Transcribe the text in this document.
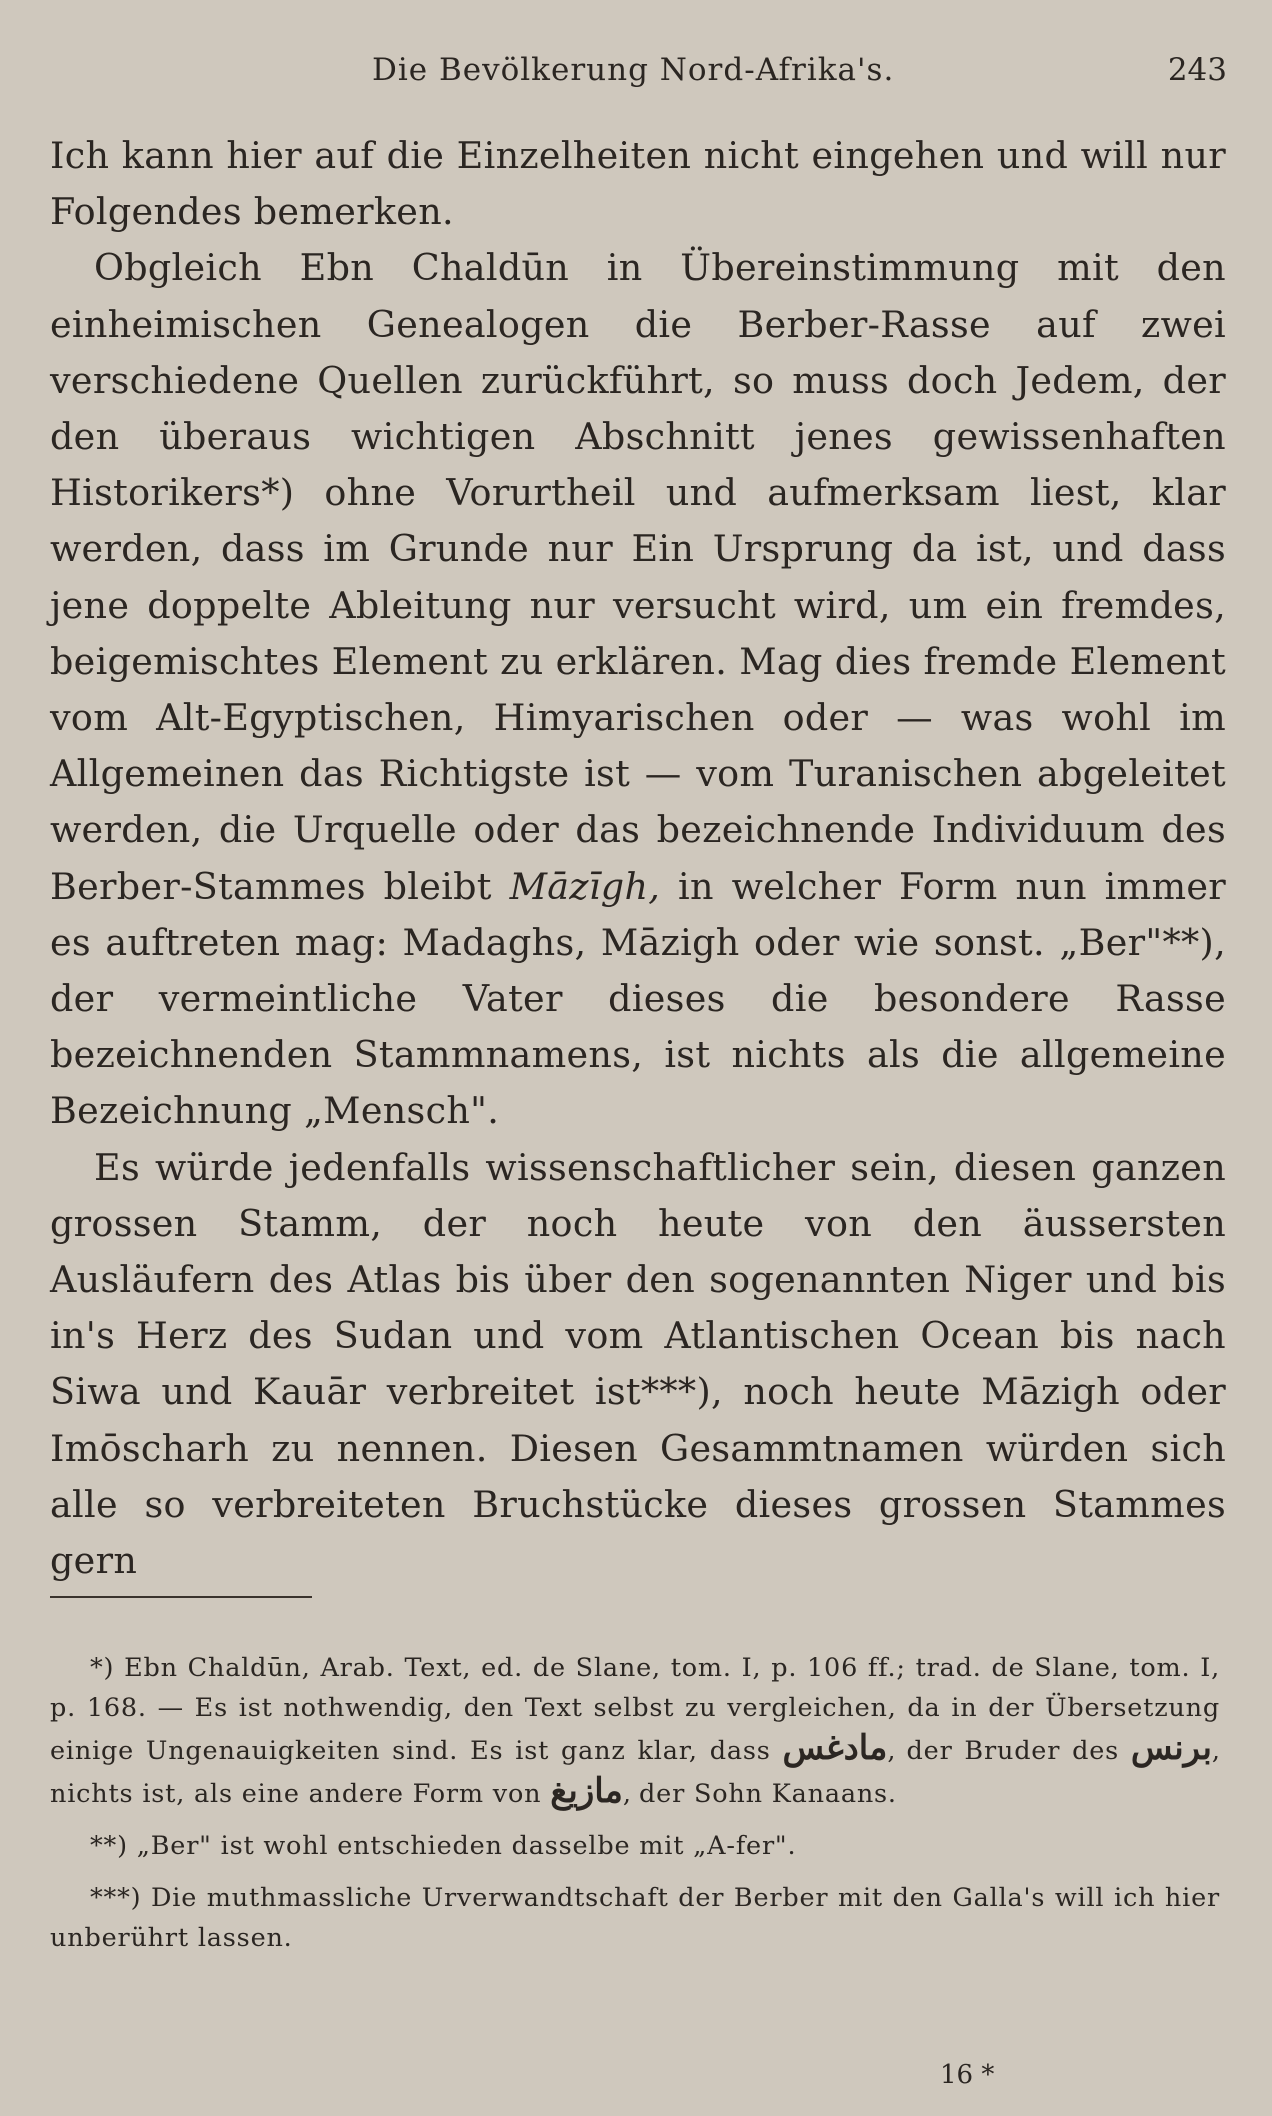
Die Bevölkerung Nord-Afrika's.	243

Ich kann hier auf die Einzelheiten nicht eingehen und will nur Folgendes bemerken.

Obgleich Ebn Chaldūn in Übereinstimmung mit den einheimischen Genealogen die Berber-Rasse auf zwei verschiedene Quellen zurückführt, so muss doch Jedem, der den überaus wichtigen Abschnitt jenes gewissenhaften Historikers*) ohne Vorurtheil und aufmerksam liest, klar werden, dass im Grunde nur Ein Ursprung da ist, und dass jene doppelte Ableitung nur versucht wird, um ein fremdes, beigemischtes Element zu erklären. Mag dies fremde Element vom Alt-Egyptischen, Himyarischen oder — was wohl im Allgemeinen das Richtigste ist — vom Turanischen abgeleitet werden, die Urquelle oder das bezeichnende Individuum des Berber-Stammes bleibt Māzīgh, in welcher Form nun immer es auftreten mag: Madaghs, Māzigh oder wie sonst. „Ber"**), der vermeintliche Vater dieses die besondere Rasse bezeichnenden Stammnamens, ist nichts als die allgemeine Bezeichnung „Mensch".

Es würde jedenfalls wissenschaftlicher sein, diesen ganzen grossen Stamm, der noch heute von den äussersten Ausläufern des Atlas bis über den sogenannten Niger und bis in's Herz des Sudan und vom Atlantischen Ocean bis nach Siwa und Kauār verbreitet ist***), noch heute Māzigh oder Imōscharh zu nennen. Diesen Gesammtnamen würden sich alle so verbreiteten Bruchstücke dieses grossen Stammes gern

*) Ebn Chaldūn, Arab. Text, ed. de Slane, tom. I, p. 106 ff.; trad. de Slane, tom. I, p. 168. — Es ist nothwendig, den Text selbst zu vergleichen, da in der Übersetzung einige Ungenauigkeiten sind. Es ist ganz klar, dass مادغس, der Bruder des برنس, nichts ist, als eine andere Form von مازيغ, der Sohn Kanaans.

**) „Ber" ist wohl entschieden dasselbe mit „A-fer".

***) Die muthmassliche Urverwandtschaft der Berber mit den Galla's will ich hier unberührt lassen.

16 *
